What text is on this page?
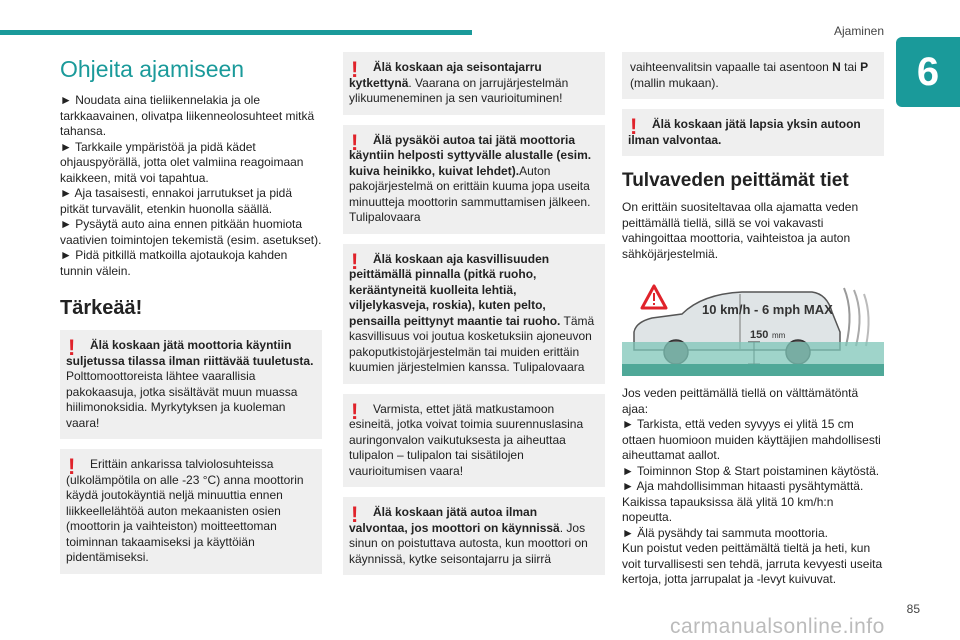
Ajaminen
6
Ohjeita ajamiseen

► Noudata aina tieliikennelakia ja ole tarkkaavainen, olivatpa liikenneolosuhteet mitkä tahansa.

► Tarkkaile ympäristöä ja pidä kädet ohjauspyörällä, jotta olet valmiina reagoimaan kaikkeen, mitä voi tapahtua.

► Aja tasaisesti, ennakoi jarrutukset ja pidä pitkät turvavälit, etenkin huonolla säällä.

► Pysäytä auto aina ennen pitkään huomiota vaativien toimintojen tekemistä (esim. asetukset).

► Pidä pitkillä matkoilla ajotaukoja kahden tunnin välein.

Tärkeää!
!	Älä koskaan jätä moottoria käyntiin suljetussa tilassa ilman riittävää tuuletusta. Polttomoottoreista lähtee vaarallisia pakokaasuja, jotka sisältävät muun muassa hiilimonoksidia. Myrkytyksen ja kuoleman vaara!
!	Erittäin ankarissa talviolosuhteissa (ulkolämpötila on alle -23 °C) anna moottorin käydä joutokäyntiä neljä minuuttia ennen liikkeellelähtöä auton mekaanisten osien (moottorin ja vaihteiston) moitteettoman toiminnan takaamiseksi ja käyttöiän pidentämiseksi.
!	Älä koskaan aja seisontajarru kytkettynä. Vaarana on jarrujärjestelmän ylikuumeneminen ja sen vaurioituminen!
!	Älä pysäköi autoa tai jätä moottoria käyntiin helposti syttyvälle alustalle (esim. kuiva heinikko, kuivat lehdet).Auton pakojärjestelmä on erittäin kuuma jopa useita minuutteja moottorin sammuttamisen jälkeen. Tulipalovaara
!	Älä koskaan aja kasvillisuuden peittämällä pinnalla (pitkä ruoho, kerääntyneitä kuolleita lehtiä, viljelykasveja, roskia), kuten pelto, pensailla peittynyt maantie tai ruoho. Tämä kasvillisuus voi joutua kosketuksiin ajoneuvon pakoputkistojärjestelmän tai muiden erittäin kuumien järjestelmien kanssa. Tulipalovaara
!	Varmista, ettet jätä matkustamoon esineitä, jotka voivat toimia suurennuslasina auringonvalon vaikutuksesta ja aiheuttaa tulipalon – tulipalon tai sisätilojen vaurioitumisen vaara!
!	Älä koskaan jätä autoa ilman valvontaa, jos moottori on käynnissä. Jos sinun on poistuttava autosta, kun moottori on käynnissä, kytke seisontajarru ja siirrä
vaihteenvalitsin vapaalle tai asentoon N tai P (mallin mukaan).
!	Älä koskaan jätä lapsia yksin autoon ilman valvontaa.
Tulvaveden peittämät tiet

On erittäin suositeltavaa olla ajamatta veden peittämällä tiellä, sillä se voi vakavasti vahingoittaa moottoria, vaihteistoa ja auton sähköjärjestelmiä.

10 km/h - 6 mph MAX
150 mm

Jos veden peittämällä tiellä on välttämätöntä ajaa:

► Tarkista, että veden syvyys ei ylitä 15 cm ottaen huomioon muiden käyttäjien mahdollisesti aiheuttamat aallot.

► Toiminnon Stop & Start poistaminen käytöstä.

► Aja mahdollisimman hitaasti pysähtymättä. Kaikissa tapauksissa älä ylitä 10 km/h:n nopeutta.

► Älä pysähdy tai sammuta moottoria.

Kun poistut veden peittämältä tieltä ja heti, kun voit turvallisesti sen tehdä, jarruta kevyesti useita kertoja, jotta jarrupalat ja -levyt kuivuvat.

85
carmanualsonline.info
